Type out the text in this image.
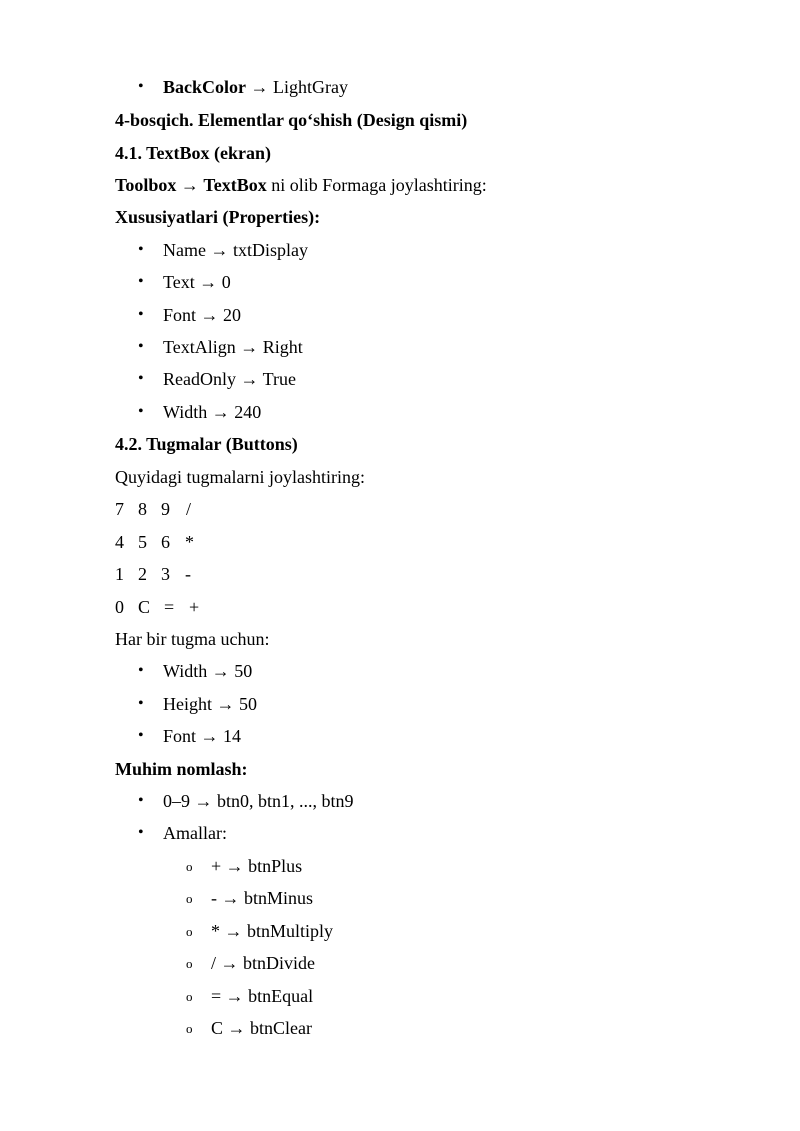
•

BackColor → LightGray

4-bosqich. Elementlar qo‘shish (Design qismi)
4.1. TextBox (ekran)
Toolbox → TextBox ni olib Formaga joylashtiring:
Xususiyatlari (Properties):
• Name → txtDisplay
• Text → 0
• Font → 20
• TextAlign → Right
• ReadOnly → True
• Width → 240
4.2. Tugmalar (Buttons)
Quyidagi tugmalarni joylashtiring:
7 8 9 /
4 5 6 *
1 2 3 -
0 C = +
Har bir tugma uchun:
• Width → 50
• Height → 50
• Font → 14
Muhim nomlash:
• 0–9 → btn0, btn1, ..., btn9
• Amallar:
o + → btnPlus
o - → btnMinus
o * → btnMultiply
o / → btnDivide
o = → btnEqual
o C → btnClear
